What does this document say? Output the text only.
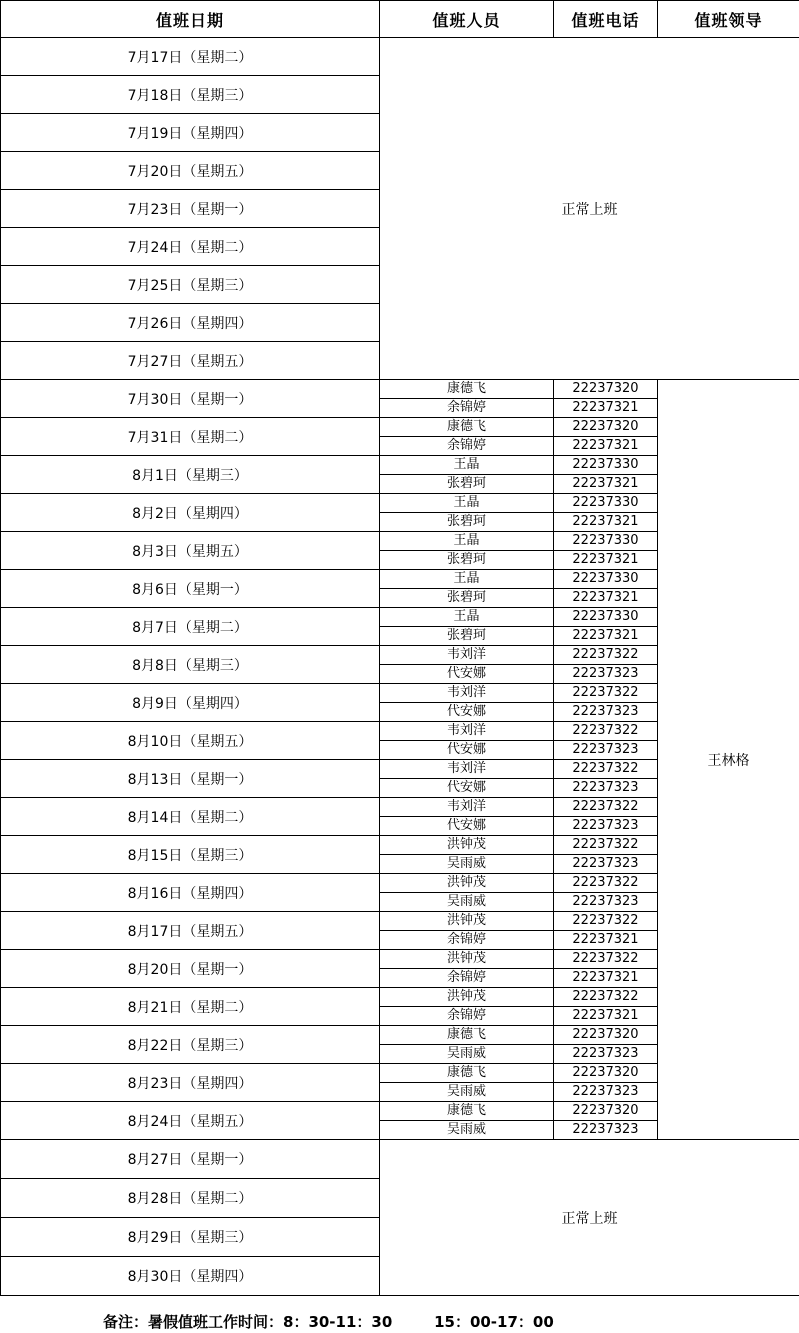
值班日期	值班人员	值班电话	值班领导
7月17日（星期二）	正常上班		
7月18日（星期三）			
7月19日（星期四）			
7月20日（星期五）			
7月23日（星期一）			
7月24日（星期二）			
7月25日（星期三）			
7月26日（星期四）			
7月27日（星期五）			
7月30日（星期一）	康德飞	22237320	王林格
	余锦婷	22237321	
7月31日（星期二）	康德飞	22237320	
	余锦婷	22237321	
8月1日（星期三）	王晶	22237330	
	张碧珂	22237321	
8月2日（星期四）	王晶	22237330	
	张碧珂	22237321	
8月3日（星期五）	王晶	22237330	
	张碧珂	22237321	
8月6日（星期一）	王晶	22237330	
	张碧珂	22237321	
8月7日（星期二）	王晶	22237330	
	张碧珂	22237321	
8月8日（星期三）	韦刘洋	22237322	
	代安娜	22237323	
8月9日（星期四）	韦刘洋	22237322	
	代安娜	22237323	
8月10日（星期五）	韦刘洋	22237322	
	代安娜	22237323	
8月13日（星期一）	韦刘洋	22237322	
	代安娜	22237323	
8月14日（星期二）	韦刘洋	22237322	
	代安娜	22237323	
8月15日（星期三）	洪钟茂	22237322	
	吴雨威	22237323	
8月16日（星期四）	洪钟茂	22237322	
	吴雨威	22237323	
8月17日（星期五）	洪钟茂	22237322	
	余锦婷	22237321	
8月20日（星期一）	洪钟茂	22237322	
	余锦婷	22237321	
8月21日（星期二）	洪钟茂	22237322	
	余锦婷	22237321	
8月22日（星期三）	康德飞	22237320	
	吴雨威	22237323	
8月23日（星期四）	康德飞	22237320	
	吴雨威	22237323	
8月24日（星期五）	康德飞	22237320	
	吴雨威	22237323	
8月27日（星期一）	正常上班		
8月28日（星期二）			
8月29日（星期三）			
8月30日（星期四）			
备注：暑假值班工作时间：8：30-11：30        15：00-17：00
